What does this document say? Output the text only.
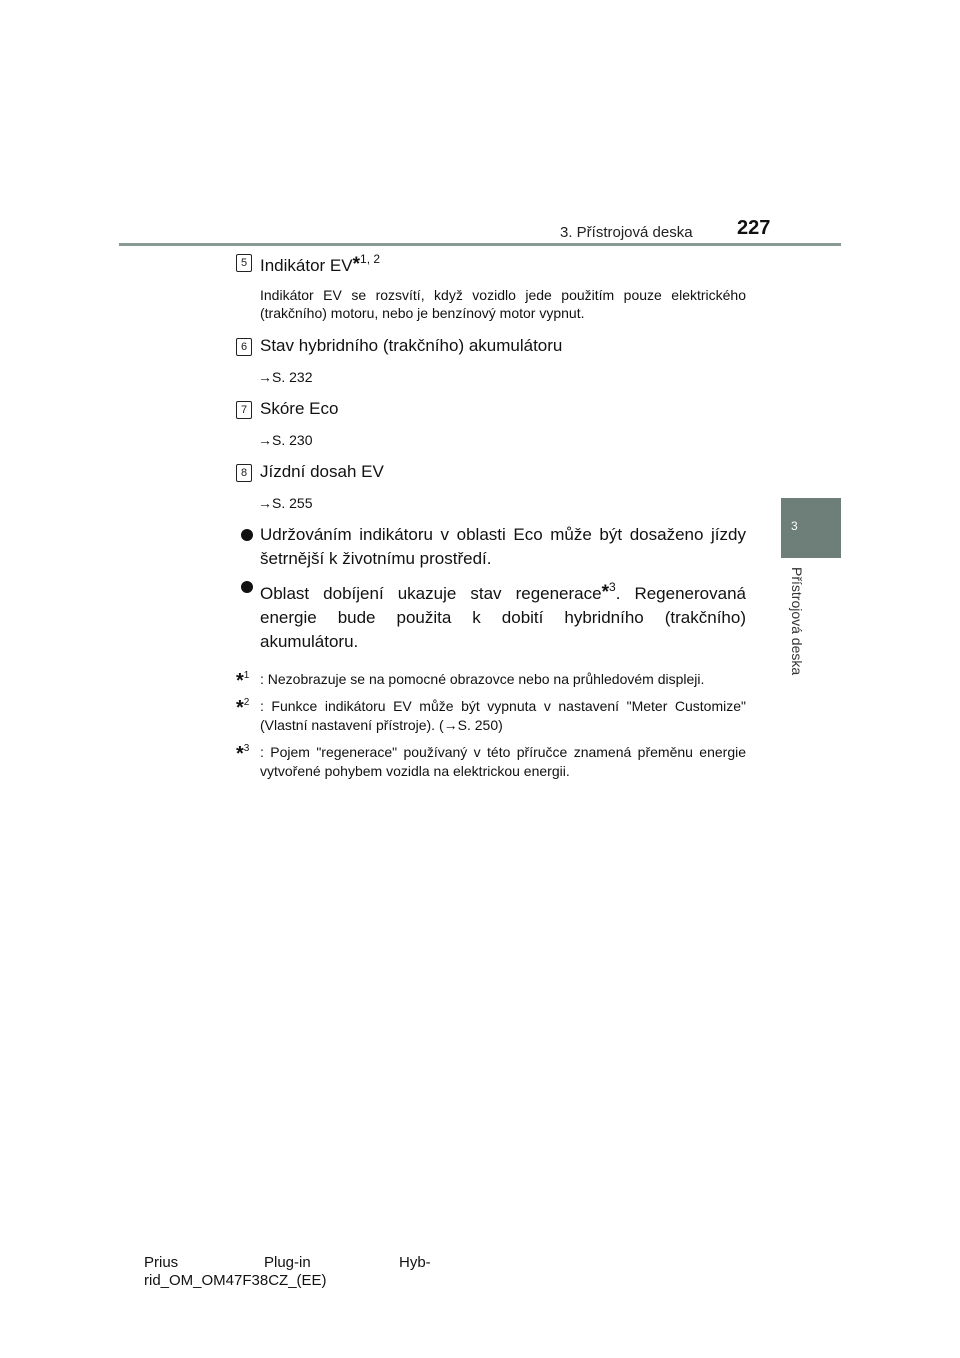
3. Přístrojová deska 227
3
Přístrojová deska

5 Indikátor EV*$^{1, 2}$

Indikátor EV se rozsvítí, když vozidlo jede použitím pouze elektrického (trakčního) motoru, nebo je benzínový motor vypnut.

6 Stav hybridního (trakčního) akumulátoru

→S. 232

7 Skóre Eco

→S. 230

8 Jízdní dosah EV

→S. 255

Udržováním indikátoru v oblasti Eco může být dosaženo jízdy šetrnější k životnímu prostředí.
Oblast dobíjení ukazuje stav regenerace*$^3$. Regenerovaná energie bude použita k dobití hybridního (trakčního) akumulátoru.
*$^1$ : Nezobrazuje se na pomocné obrazovce nebo na průhledovém displeji.
*$^2$ : Funkce indikátoru EV může být vypnuta v nastavení "Meter Customize" (Vlastní nastavení přístroje). (→S. 250)
*$^3$ : Pojem "regenerace" používaný v této příručce znamená přeměnu energie vytvořené pohybem vozidla na elektrickou energii.
Prius	Plug-in	Hyb-
rid_OM_OM47F38CZ_(EE)
